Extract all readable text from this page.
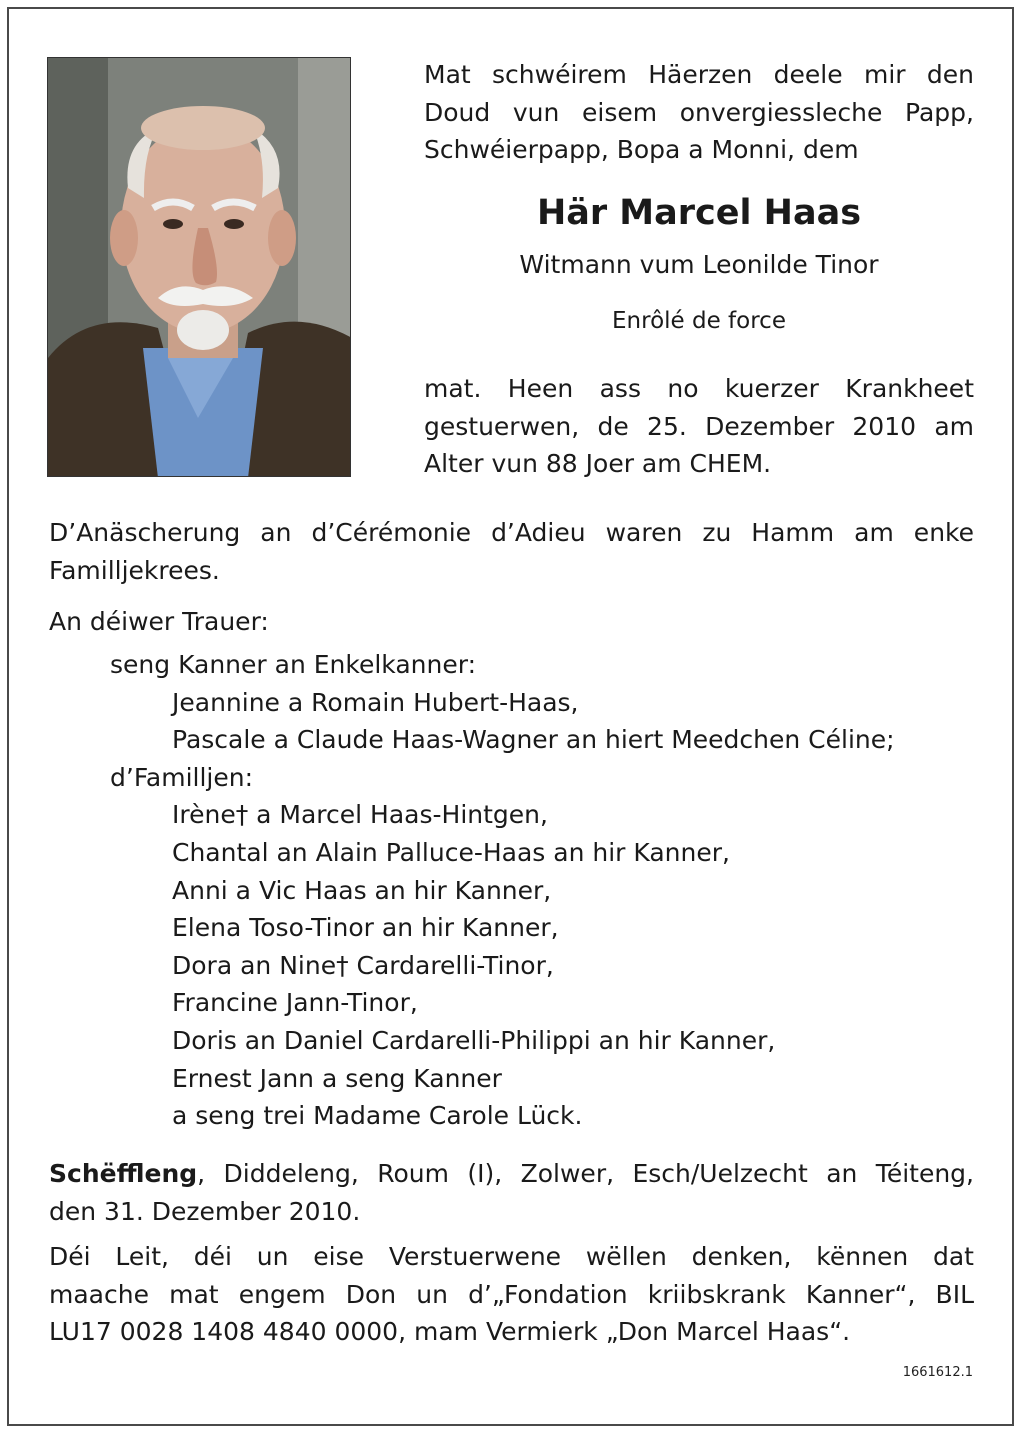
Mat schwéirem Häerzen deele mir den
Doud vun eisem onvergiessleche Papp,
Schwéierpapp, Bopa a Monni, dem
Här Marcel Haas
Witmann vum Leonilde Tinor
Enrôlé de force
mat. Heen ass no kuerzer Krankheet
gestuerwen, de 25. Dezember 2010 am
Alter vun 88 Joer am CHEM.
D’Anäscherung an d’Cérémonie d’Adieu waren zu Hamm am enke
Familljekrees.
An déiwer Trauer:
seng Kanner an Enkelkanner:
Jeannine a Romain Hubert-Haas,
Pascale a Claude Haas-Wagner an hiert Meedchen Céline;
d’Familljen:
Irène† a Marcel Haas-Hintgen,
Chantal an Alain Palluce-Haas an hir Kanner,
Anni a Vic Haas an hir Kanner,
Elena Toso-Tinor an hir Kanner,
Dora an Nine† Cardarelli-Tinor,
Francine Jann-Tinor,
Doris an Daniel Cardarelli-Philippi an hir Kanner,
Ernest Jann a seng Kanner
a seng trei Madame Carole Lück.
Schëffleng, Diddeleng, Roum (I), Zolwer, Esch/Uelzecht an Téiteng,
den 31. Dezember 2010.
Déi Leit, déi un eise Verstuerwene wëllen denken, kënnen dat
maache mat engem Don un d’„Fondation kriibskrank Kanner“, BIL
LU17 0028 1408 4840 0000, mam Vermierk „Don Marcel Haas“.
1661612.1
